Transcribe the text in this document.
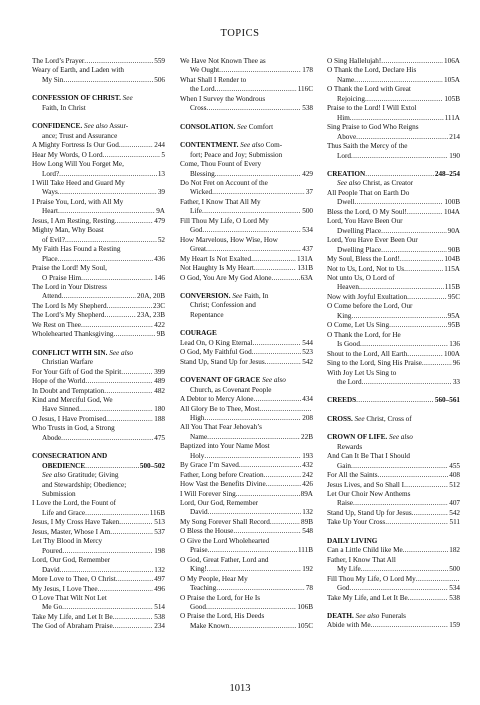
TOPICS
The Lord’s Prayer .....	559
Weary of Earth, and Laden with
My Sin .....	506
CONFESSION OF CHRIST. See
Faith, In Christ
CONFIDENCE. See also Assur-
ance; Trust and Assurance
A Mighty Fortress Is Our God .....	244
Hear My Words, O Lord .....	5
How Long Will You Forget Me,
Lord? .....	13
I Will Take Heed and Guard My
Ways .....	39
I Praise You, Lord, with All My
Heart .....	9A
Jesus, I Am Resting, Resting .....	479
Mighty Man, Why Boast
of Evil? .....	52
My Faith Has Found a Resting
Place .....	436
Praise the Lord! My Soul,
O Praise Him .....	146
The Lord in Your Distress
Attend .....	20A, 20B
The Lord Is My Shepherd .....	23C
The Lord’s My Shepherd .....	23A, 23B
We Rest on Thee .....	422
Wholehearted Thanksgiving .....	9B
CONFLICT WITH SIN. See also
Christian Warfare
For Your Gift of God the Spirit .....	399
Hope of the World .....	489
In Doubt and Temptation .....	482
Kind and Merciful God, We
Have Sinned .....	180
O Jesus, I Have Promised .....	188
Who Trusts in God, a Strong
Abode .....	475
CONSECRATION AND
OBEDIENCE .....	500–502
See also Gratitude; Giving
and Stewardship; Obedience;
Submission
I Love the Lord, the Fount of
Life and Grace .....	116B
Jesus, I My Cross Have Taken .....	513
Jesus, Master, Whose I Am .....	537
Let Thy Blood in Mercy
Poured .....	198
Lord, Our God, Remember
David .....	132
More Love to Thee, O Christ .....	497
My Jesus, I Love Thee .....	496
O Love That Wilt Not Let
Me Go .....	514
Take My Life, and Let It Be .....	538
The God of Abraham Praise .....	234
We Have Not Known Thee as
We Ought .....	178
What Shall I Render to
the Lord .....	116C
When I Survey the Wondrous
Cross .....	538
CONSOLATION. See Comfort
CONTENTMENT. See also Com-
fort; Peace and Joy; Submission
Come, Thou Fount of Every
Blessing .....	429
Do Not Fret on Account of the
Wicked .....	37
Father, I Know That All My
Life .....	500
Fill Thou My Life, O Lord My
God .....	534
How Marvelous, How Wise, How
Great .....	437
My Heart Is Not Exalted .....	131A
Not Haughty Is My Heart .....	131B
O God, You Are My God Alone .....	63A
CONVERSION. See Faith, In
Christ; Confession and
Repentance
COURAGE
Lead On, O King Eternal .....	544
O God, My Faithful God .....	523
Stand Up, Stand Up for Jesus .....	542
COVENANT OF GRACE See also
Church, as Covenant People
A Debtor to Mercy Alone .....	434
All Glory Be to Thee, Most
.....
High .....	208
All You That Fear Jehovah’s
Name .....	22B
Baptized into Your Name Most
Holy .....	193
By Grace I’m Saved .....	432
Father, Long before Creation .....	242
How Vast the Benefits Divine .....	426
I Will Forever Sing .....	89A
Lord, Our God, Remember
David .....	132
My Song Forever Shall Record .....	89B
O Bless the House .....	548
O Give the Lord Wholehearted
Praise .....	111B
O God, Great Father, Lord and
King! .....	192
O My People, Hear My
Teaching .....	78
O Praise the Lord, for He Is
Good .....	106B
O Praise the Lord, His Deeds
Make Known .....	105C
O Sing Hallelujah! .....	106A
O Thank the Lord, Declare His
Name .....	105A
O Thank the Lord with Great
Rejoicing .....	105B
Praise to the Lord! I Will Extol
Him .....	111A
Sing Praise to God Who Reigns
Above .....	214
Thus Saith the Mercy of the
Lord .....	190
CREATION .....	248–254
See also Christ, as Creator
All People That on Earth Do
Dwell .....	100B
Bless the Lord, O My Soul! .....	104A
Lord, You Have Been Our
Dwelling Place .....	90A
Lord, You Have Ever Been Our
Dwelling Place .....	90B
My Soul, Bless the Lord! .....	104B
Not to Us, Lord, Not to Us .....	115A
Not unto Us, O Lord of
Heaven .....	115B
Now with Joyful Exultation .....	95C
O Come before the Lord, Our
King .....	95A
O Come, Let Us Sing .....	95B
O Thank the Lord, for He
Is Good .....	136
Shout to the Lord, All Earth .....	100A
Sing to the Lord, Sing His Praise .....	96
With Joy Let Us Sing to
the Lord .....	33
CREEDS .....	560–561
CROSS. See Christ, Cross of
CROWN OF LIFE. See also
Rewards
And Can It Be That I Should
Gain .....	455
For All the Saints .....	408
Jesus Lives, and So Shall I .....	512
Let Our Choir New Anthems
Raise .....	407
Stand Up, Stand Up for Jesus .....	542
Take Up Your Cross .....	511
DAILY LIVING
Can a Little Child like Me .....	182
Father, I Know That All
My Life .....	500
Fill Thou My Life, O Lord My
.....
God .....	534
Take My Life, and Let It Be .....	538
DEATH. See also Funerals
Abide with Me .....	159
1013
